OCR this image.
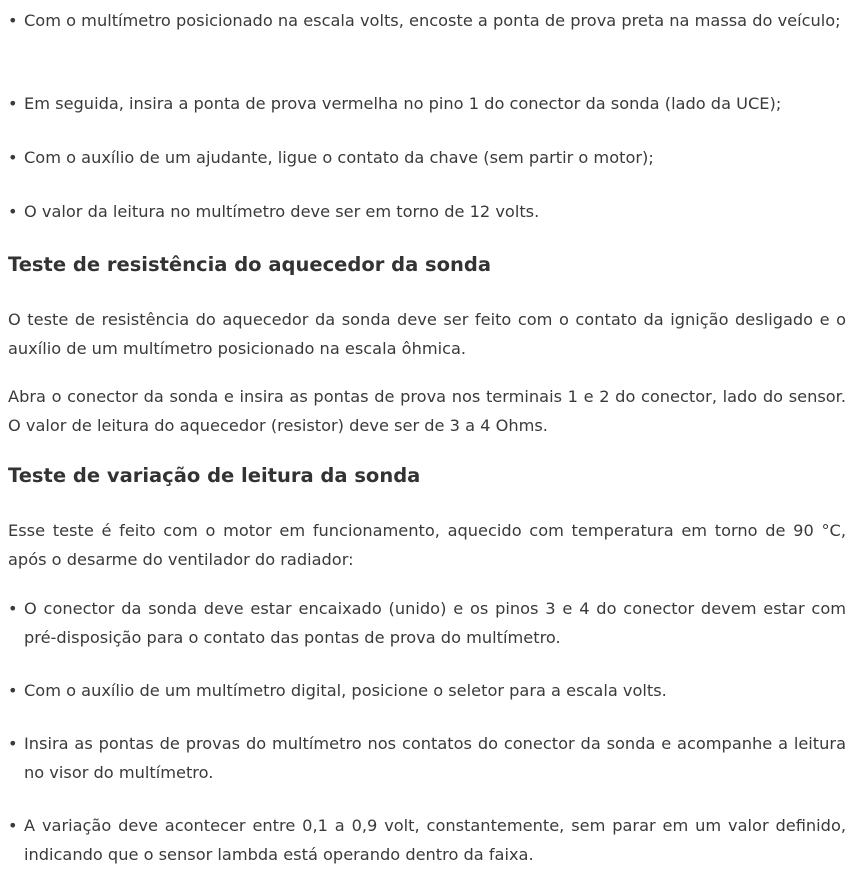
• Com o multímetro posicionado na escala volts, encoste a ponta de prova preta na massa do veículo;
• Em seguida, insira a ponta de prova vermelha no pino 1 do conector da sonda (lado da UCE);
• Com o auxílio de um ajudante, ligue o contato da chave (sem partir o motor);
• O valor da leitura no multímetro deve ser em torno de 12 volts.
Teste de resistência do aquecedor da sonda
O teste de resistência do aquecedor da sonda deve ser feito com o contato da ignição desligado e o auxílio de um multímetro posicionado na escala ôhmica.
Abra o conector da sonda e insira as pontas de prova nos terminais 1 e 2 do conector, lado do sensor. O valor de leitura do aquecedor (resistor) deve ser de 3 a 4 Ohms.
Teste de variação de leitura da sonda
Esse teste é feito com o motor em funcionamento, aquecido com temperatura em torno de 90 °C, após o desarme do ventilador do radiador:
• O conector da sonda deve estar encaixado (unido) e os pinos 3 e 4 do conector devem estar com pré-disposição para o contato das pontas de prova do multímetro.
• Com o auxílio de um multímetro digital, posicione o seletor para a escala volts.
• Insira as pontas de provas do multímetro nos contatos do conector da sonda e acompanhe a leitura no visor do multímetro.
• A variação deve acontecer entre 0,1 a 0,9 volt, constantemente, sem parar em um valor definido, indicando que o sensor lambda está operando dentro da faixa.
